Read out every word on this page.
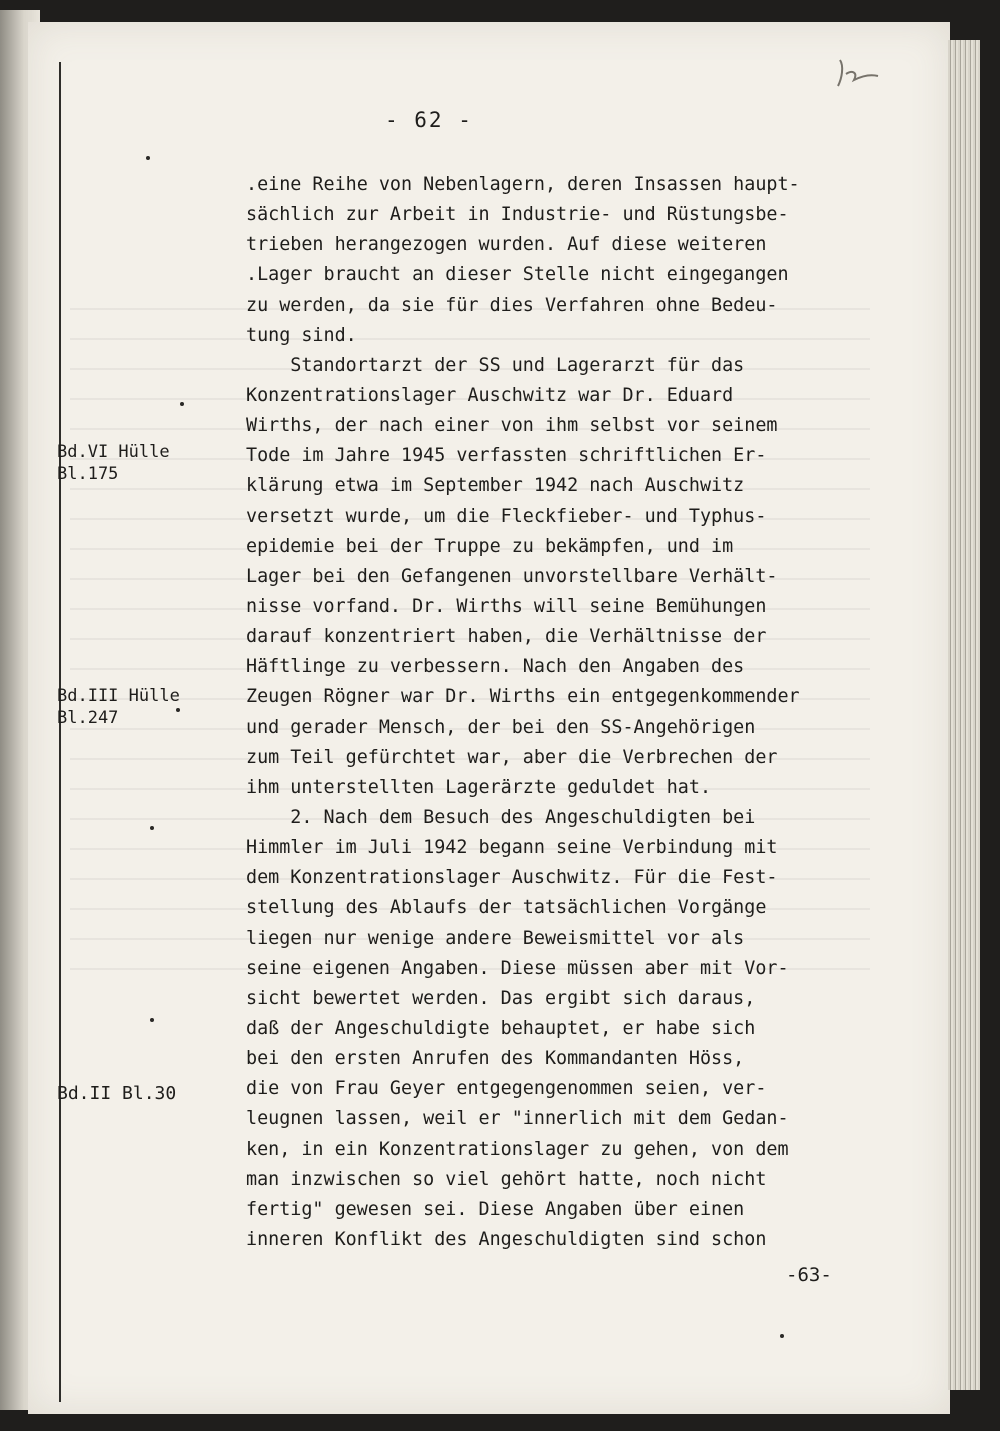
- 62 -
Bd.VI Hülle
Bl.175
Bd.III Hülle
Bl.247
Bd.II Bl.30
.eine Reihe von Nebenlagern, deren Insassen haupt-
sächlich zur Arbeit in Industrie- und Rüstungsbe-
trieben herangezogen wurden. Auf diese weiteren
.Lager braucht an dieser Stelle nicht eingegangen
zu werden, da sie für dies Verfahren ohne Bedeu-
tung sind.
Standortarzt der SS und Lagerarzt für das
Konzentrationslager Auschwitz war Dr. Eduard
Wirths, der nach einer von ihm selbst vor seinem
Tode im Jahre 1945 verfassten schriftlichen Er-
klärung etwa im September 1942 nach Auschwitz
versetzt wurde, um die Fleckfieber- und Typhus-
epidemie bei der Truppe zu bekämpfen, und im
Lager bei den Gefangenen unvorstellbare Verhält-
nisse vorfand. Dr. Wirths will seine Bemühungen
darauf konzentriert haben, die Verhältnisse der
Häftlinge zu verbessern. Nach den Angaben des
Zeugen Rögner war Dr. Wirths ein entgegenkommender
und gerader Mensch, der bei den SS-Angehörigen
zum Teil gefürchtet war, aber die Verbrechen der
ihm unterstellten Lagerärzte geduldet hat.
2. Nach dem Besuch des Angeschuldigten bei
Himmler im Juli 1942 begann seine Verbindung mit
dem Konzentrationslager Auschwitz. Für die Fest-
stellung des Ablaufs der tatsächlichen Vorgänge
liegen nur wenige andere Beweismittel vor als
seine eigenen Angaben. Diese müssen aber mit Vor-
sicht bewertet werden. Das ergibt sich daraus,
daß der Angeschuldigte behauptet, er habe sich
bei den ersten Anrufen des Kommandanten Höss,
die von Frau Geyer entgegengenommen seien, ver-
leugnen lassen, weil er "innerlich mit dem Gedan-
ken, in ein Konzentrationslager zu gehen, von dem
man inzwischen so viel gehört hatte, noch nicht
fertig" gewesen sei. Diese Angaben über einen
inneren Konflikt des Angeschuldigten sind schon
-63-
